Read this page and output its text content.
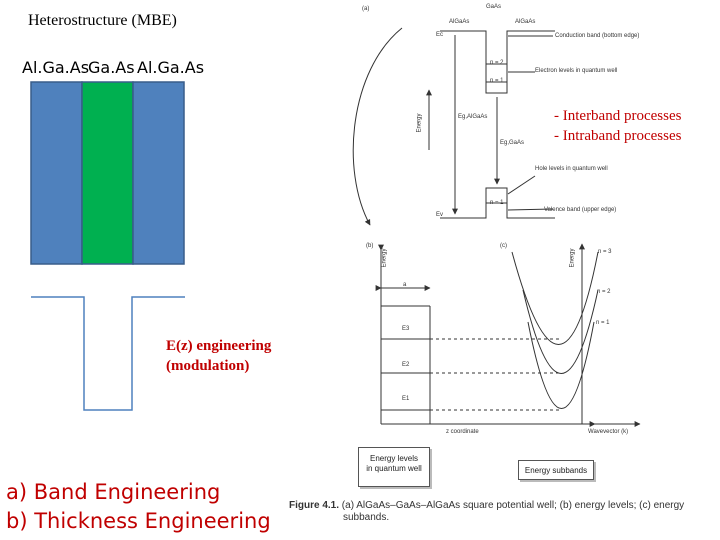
Heterostructure (MBE)
Al.Ga.As
Ga.As Al.Ga.As
E(z) engineering
(modulation)
a) Band Engineering
b) Thickness Engineering
- Interband processes
- Intraband processes
(a)	GaAs
AlGaAs	AlGaAs
Ec	Conduction band (bottom edge)
n = 2
n = 1
Electron levels in quantum well
Energy	Eg,AlGaAs
Eg,GaAs
Hole levels in quantum well
n = 1
Ev
Valence band (upper edge)
(b)	(c)
Energy	Energy
a
E3
E2
E1
n = 3
n = 2
n = 1
z coordinate	Wavevector (k)
Energy levels
in quantum well	Energy subbands
Figure 4.1. (a) AlGaAs–GaAs–AlGaAs square potential well; (b) energy levels; (c) energy
subbands.
